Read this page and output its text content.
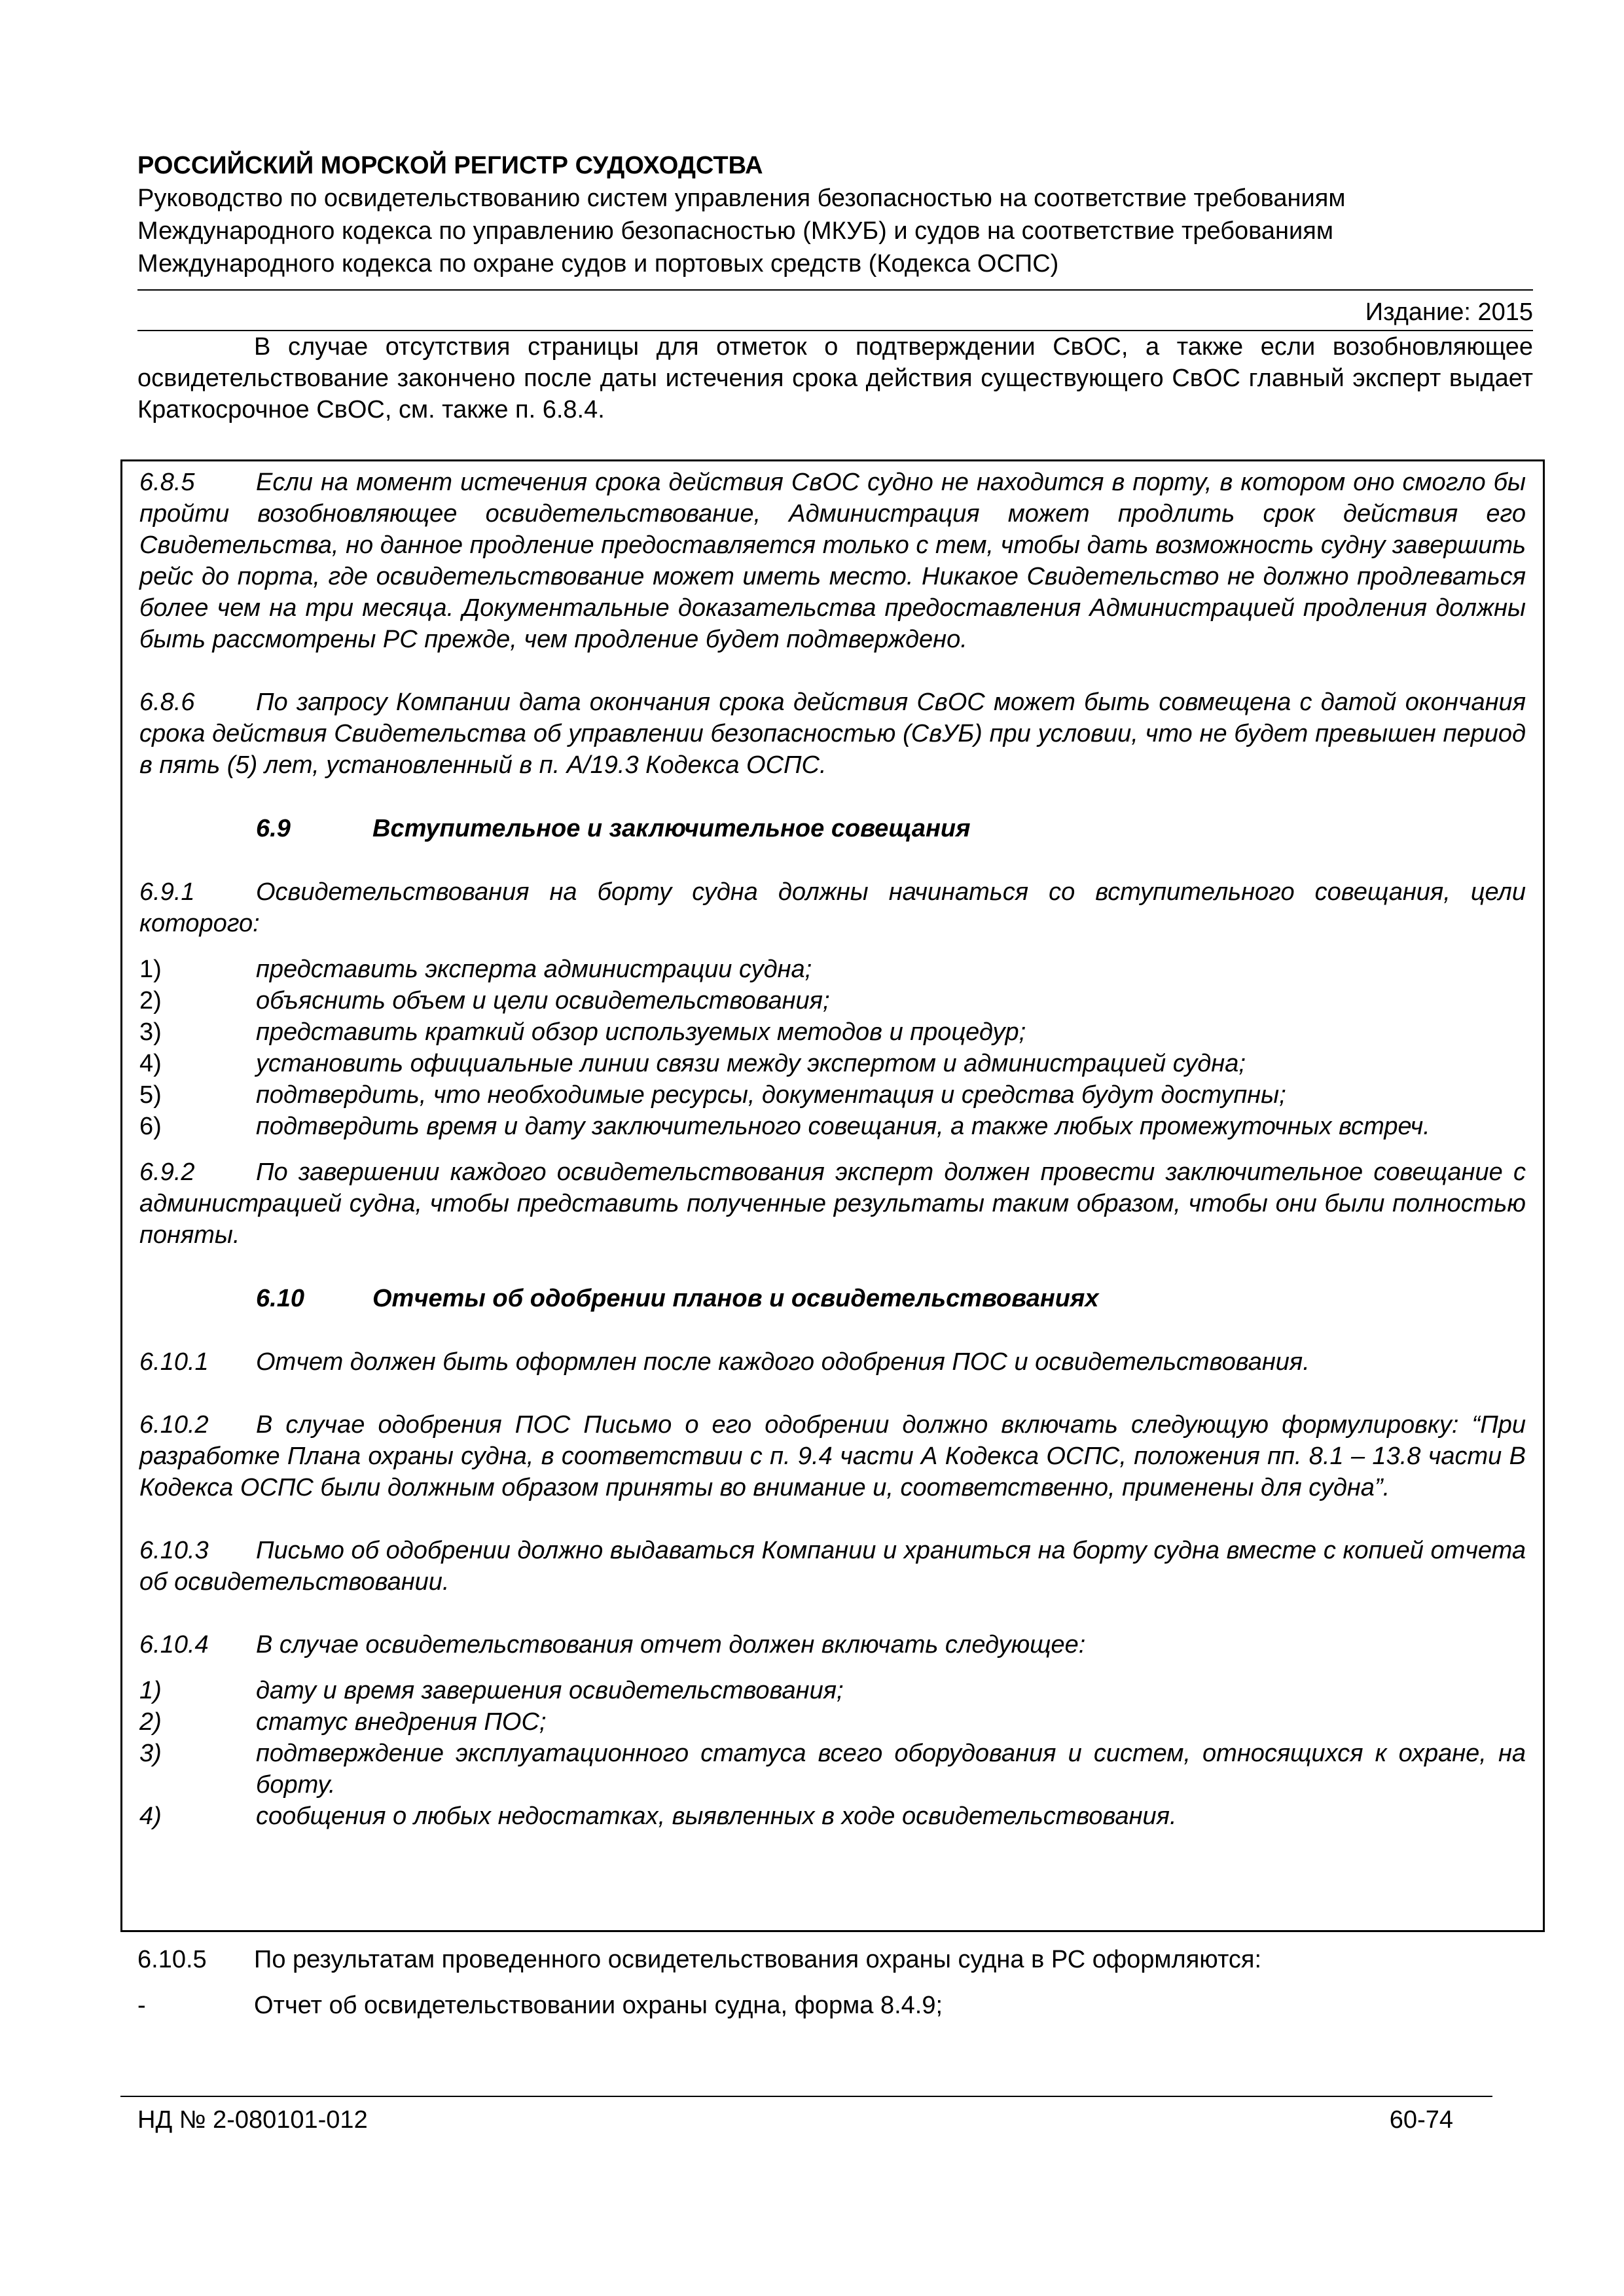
РОССИЙСКИЙ МОРСКОЙ РЕГИСТР СУДОХОДСТВА
Руководство по освидетельствованию систем управления безопасностью на соответствие требованиям
Международного кодекса по управлению безопасностью (МКУБ) и судов на соответствие требованиям
Международного кодекса по охране судов и портовых средств (Кодекса ОСПС)
Издание: 2015

В случае отсутствия страницы для отметок о подтверждении СвОС, а также если возобновляющее освидетельствование закончено после даты истечения срока действия существующего СвОС главный эксперт выдает Краткосрочное СвОС, см. также п. 6.8.4.

6.8.5 Если на момент истечения срока действия СвОС судно не находится в порту, в котором оно смогло бы пройти возобновляющее освидетельствование, Администрация может продлить срок действия его Свидетельства, но данное продление предоставляется только с тем, чтобы дать возможность судну завершить рейс до порта, где освидетельствование может иметь место. Никакое Свидетельство не должно продлеваться более чем на три месяца. Документальные доказательства предоставления Администрацией продления должны быть рассмотрены РС прежде, чем продление будет подтверждено.

6.8.6 По запросу Компании дата окончания срока действия СвОС может быть совмещена с датой окончания срока действия Свидетельства об управлении безопасностью (СвУБ) при условии, что не будет превышен период в пять (5) лет, установленный в п. А/19.3 Кодекса ОСПС.

6.9	Вступительное и заключительное совещания

6.9.1 Освидетельствования на борту судна должны начинаться со вступительного совещания, цели которого:

1)	представить эксперта администрации судна;
2)	объяснить объем и цели освидетельствования;
3)	представить краткий обзор используемых методов и процедур;
4)	установить официальные линии связи между экспертом и администрацией судна;
5)	подтвердить, что необходимые ресурсы, документация и средства будут доступны;
6)	подтвердить время и дату заключительного совещания, а также любых промежуточных встреч.

6.9.2 По завершении каждого освидетельствования эксперт должен провести заключительное совещание с администрацией судна, чтобы представить полученные результаты таким образом, чтобы они были полностью поняты.

6.10	Отчеты об одобрении планов и освидетельствованиях

6.10.1 Отчет должен быть оформлен после каждого одобрения ПОС и освидетельствования.

6.10.2 В случае одобрения ПОС Письмо о его одобрении должно включать следующую формулировку: “При разработке Плана охраны судна, в соответствии с п. 9.4 части А Кодекса ОСПС, положения пп. 8.1 – 13.8 части В Кодекса ОСПС были должным образом приняты во внимание и, соответственно, применены для судна”.

6.10.3 Письмо об одобрении должно выдаваться Компании и храниться на борту судна вместе с копией отчета об освидетельствовании.

6.10.4 В случае освидетельствования отчет должен включать следующее:

1)	дату и время завершения освидетельствования;
2)	статус внедрения ПОС;
3)	подтверждение эксплуатационного статуса всего оборудования и систем, относящихся к охране, на борту.
4)	сообщения о любых недостатках, выявленных в ходе освидетельствования.

6.10.5 По результатам проведенного освидетельствования охраны судна в РС оформляются:

-	Отчет об освидетельствовании охраны судна, форма 8.4.9;
НД № 2-080101-012	60-74
